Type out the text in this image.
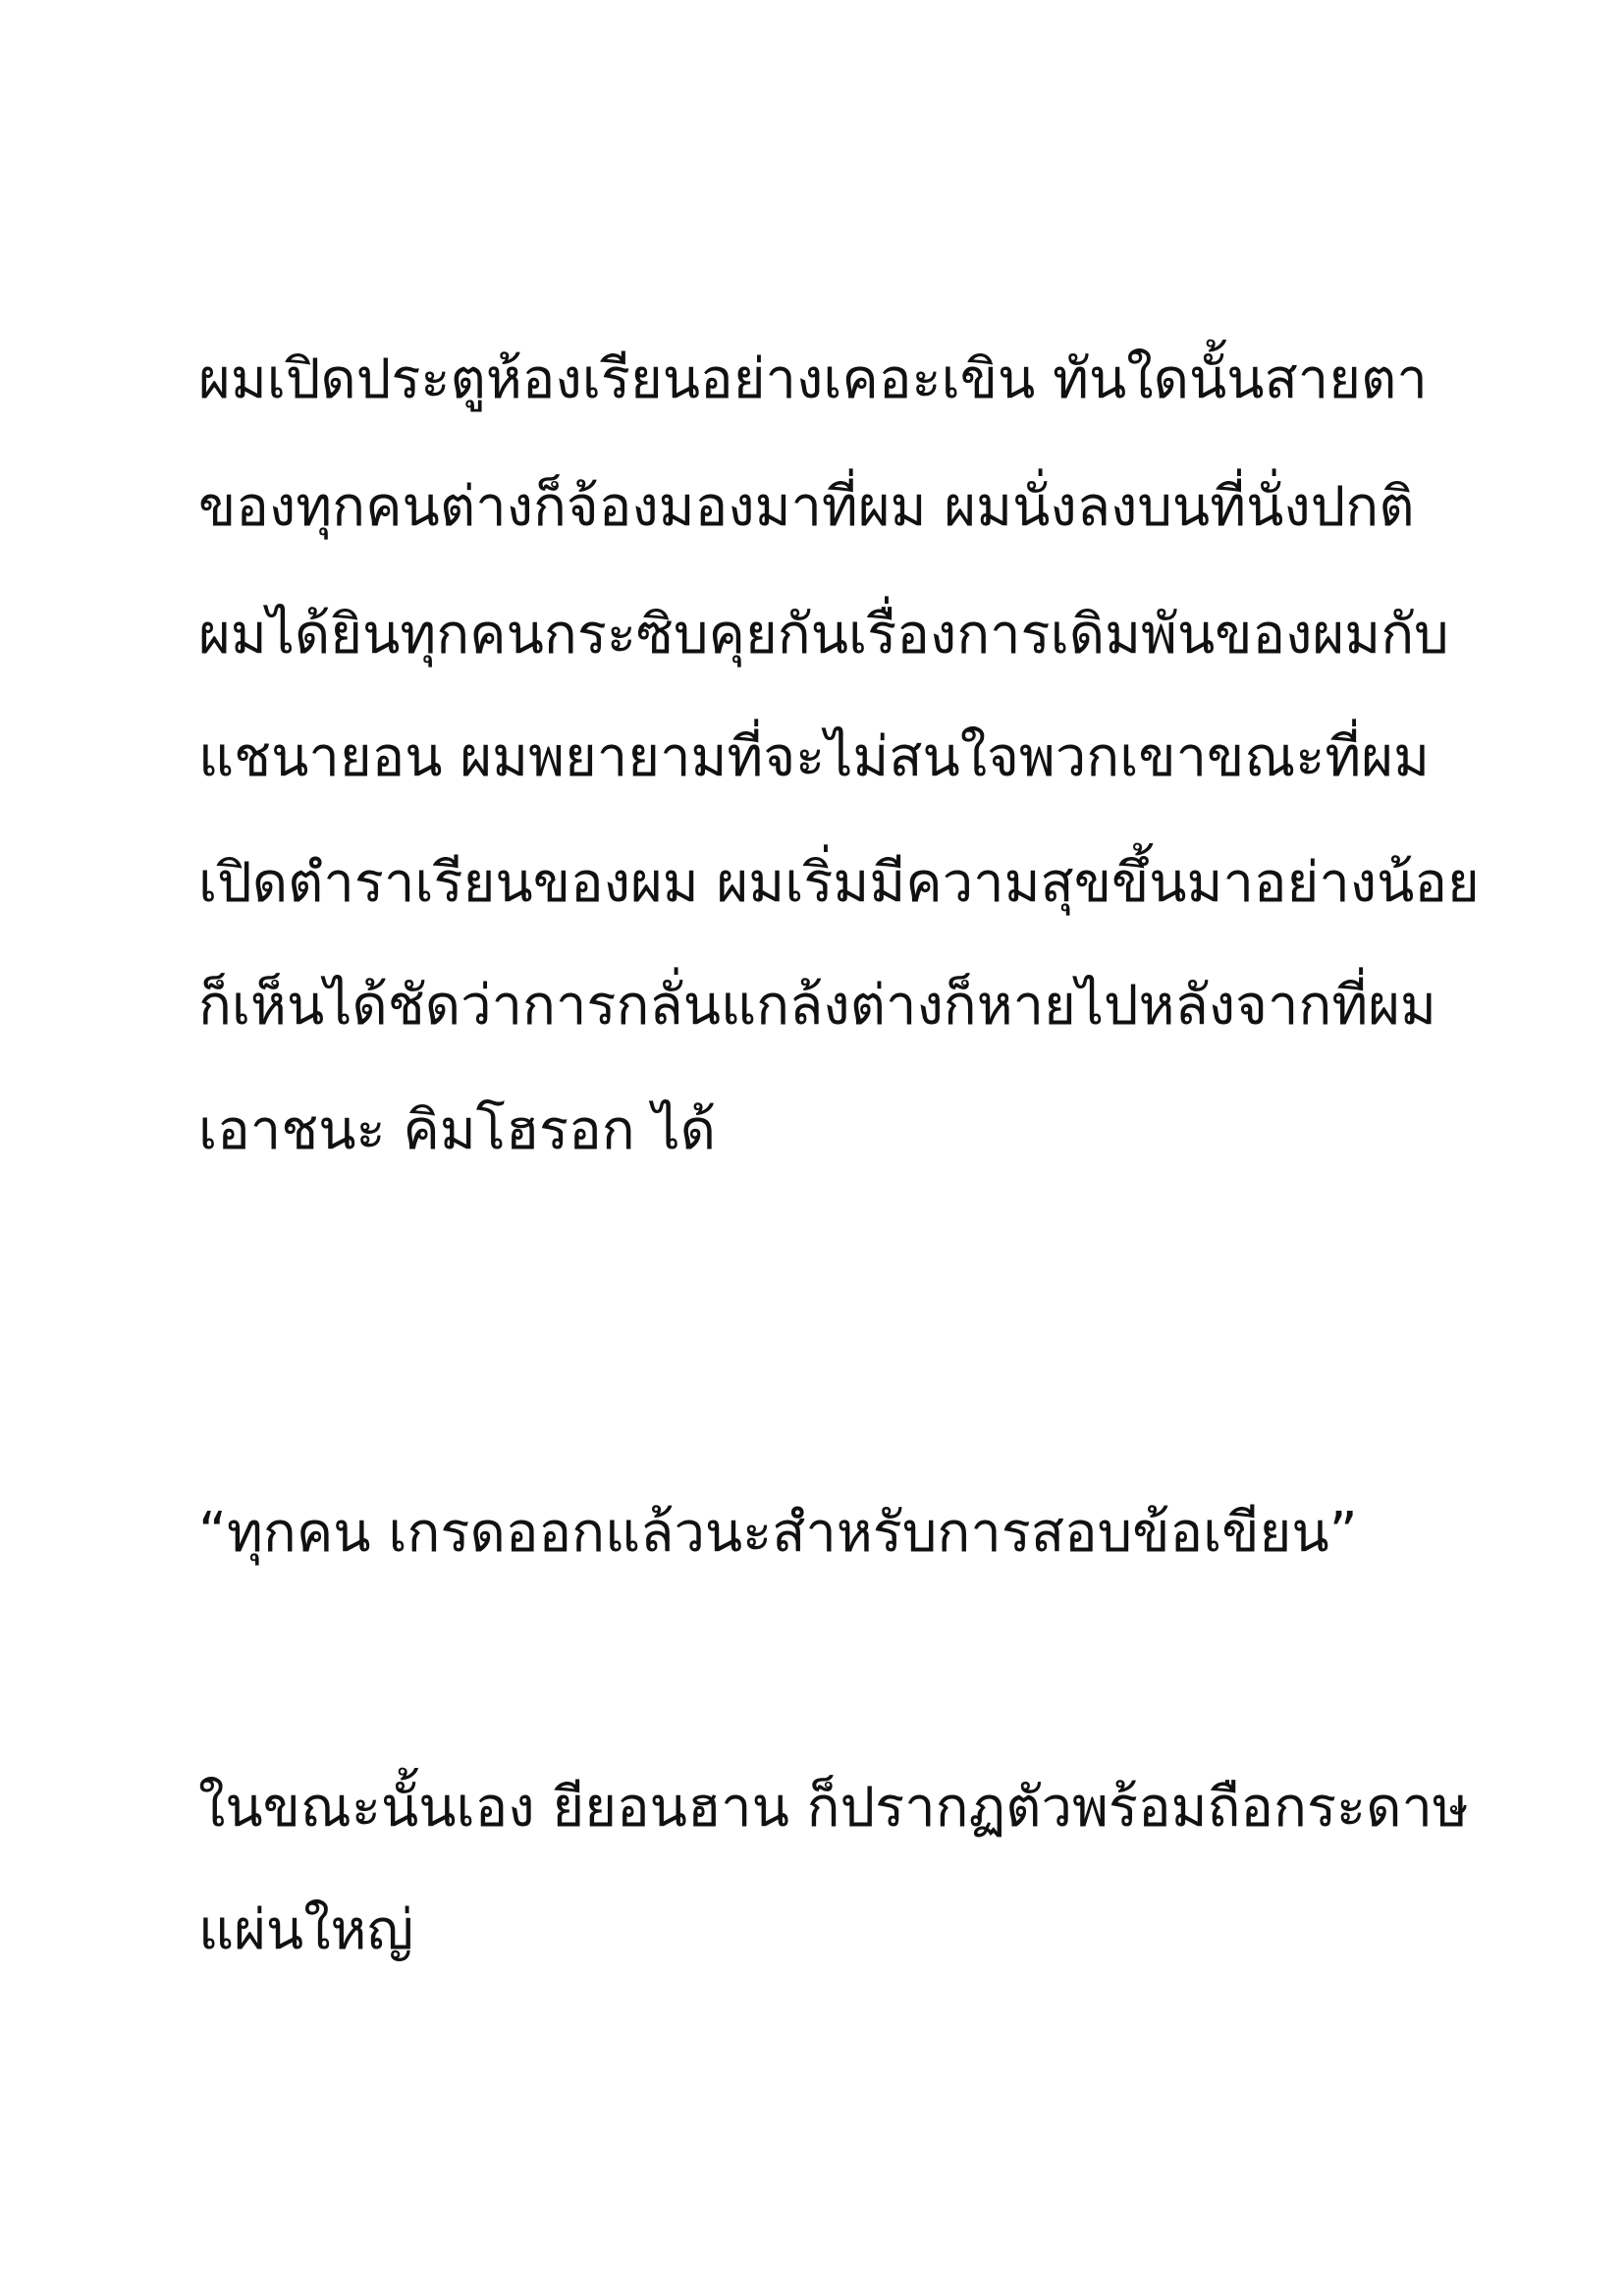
ผมเปิดประตูห้องเรียนอย่างเคอะเขิน ทันใดนั้นสายตา
ของทุกคนต่างก็จ้องมองมาที่ผม ผมนั่งลงบนที่นั่งปกติ
ผมได้ยินทุกคนกระซิบคุยกันเรื่องการเดิมพันของผมกับ
แชนายอน ผมพยายามที่จะไม่สนใจพวกเขาขณะที่ผม
เปิดตำราเรียนของผม ผมเริ่มมีความสุขขึ้นมาอย่างน้อย
ก็เห็นได้ชัดว่าการกลั่นแกล้งต่างก็หายไปหลังจากที่ผม
เอาชนะ คิมโฮรอก ได้
“ทุกคน เกรดออกแล้วนะสำหรับการสอบข้อเขียน”
ในขณะนั้นเอง ยียอนฮาน ก็ปรากฏตัวพร้อมถือกระดาษ
แผ่นใหญ่
